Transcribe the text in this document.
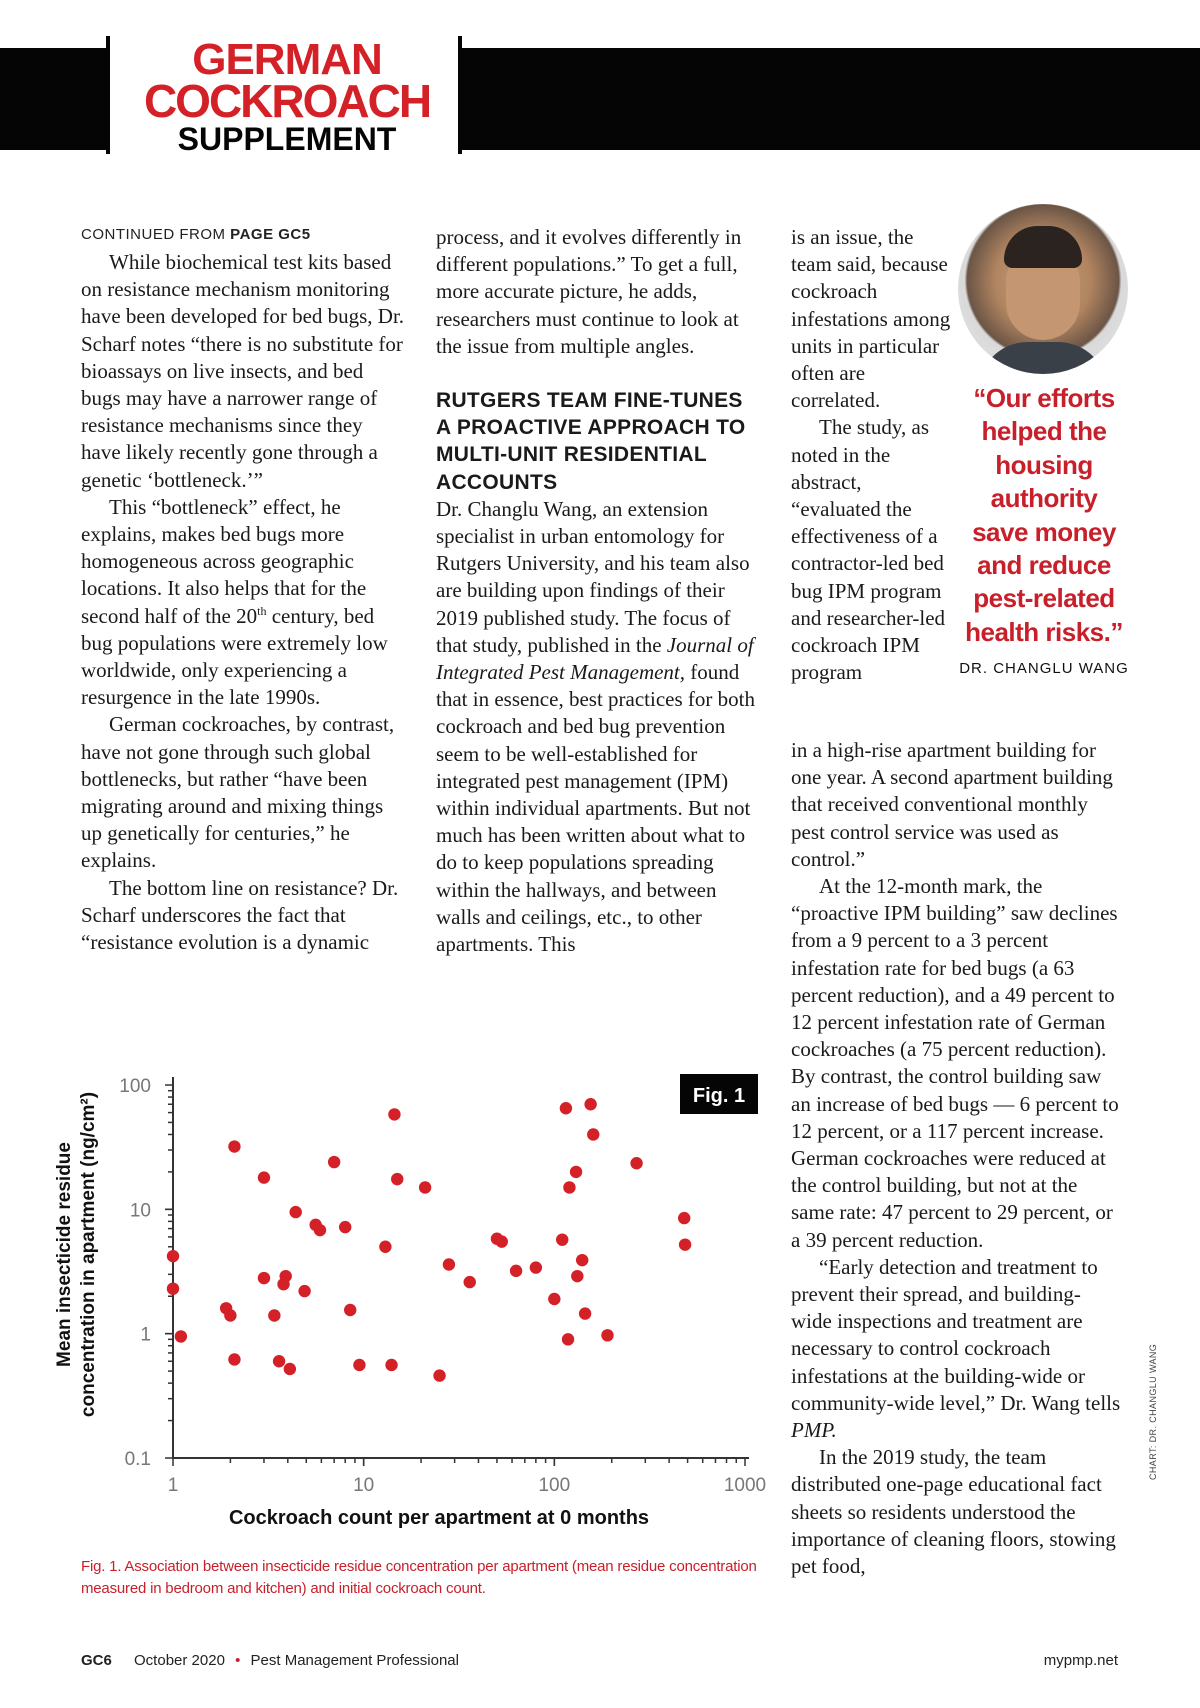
GERMAN
COCKROACH
SUPPLEMENT
CONTINUED FROM PAGE GC5

While biochemical test kits based on resistance mechanism monitoring have been developed for bed bugs, Dr. Scharf notes “there is no substitute for bioassays on live insects, and bed bugs may have a narrower range of resistance mechanisms since they have likely recently gone through a genetic ‘bottleneck.’”

This “bottleneck” effect, he explains, makes bed bugs more homogeneous across geographic locations. It also helps that for the second half of the 20th century, bed bug populations were extremely low worldwide, only experiencing a resurgence in the late 1990s.

German cockroaches, by contrast, have not gone through such global bottlenecks, but rather “have been migrating around and mixing things up genetically for centuries,” he explains.

The bottom line on resistance? Dr. Scharf underscores the fact that “resistance evolution is a dynamic

process, and it evolves differently in different populations.” To get a full, more accurate picture, he adds, researchers must continue to look at the issue from multiple angles.

RUTGERS TEAM FINE-TUNES A PROACTIVE APPROACH TO MULTI-UNIT RESIDENTIAL ACCOUNTS

Dr. Changlu Wang, an extension specialist in urban entomology for Rutgers University, and his team also are building upon findings of their 2019 published study. The focus of that study, published in the Journal of Integrated Pest Management, found that in essence, best practices for both cockroach and bed bug prevention seem to be well-established for integrated pest management (IPM) within individual apartments. But not much has been written about what to do to keep populations spreading within the hallways, and between walls and ceilings, etc., to other apartments. This

is an issue, the team said, because cockroach infestations among units in particular often are correlated.

The study, as noted in the abstract, “evaluated the effectiveness of a contractor-led bed bug IPM program and researcher-led cockroach IPM program

in a high-rise apartment building for one year. A second apartment building that received conventional monthly pest control service was used as control.”

At the 12-month mark, the “proactive IPM building” saw declines from a 9 percent to a 3 percent infestation rate for bed bugs (a 63 percent reduction), and a 49 percent to 12 percent infestation rate of German cockroaches (a 75 percent reduction). By contrast, the control building saw an increase of bed bugs — 6 percent to 12 percent, or a 117 percent increase. German cockroaches were reduced at the control building, but not at the same rate: 47 percent to 29 percent, or a 39 percent reduction.

“Early detection and treatment to prevent their spread, and building-wide inspections and treatment are necessary to control cockroach infestations at the building-wide or community-wide level,” Dr. Wang tells PMP.

In the 2019 study, the team distributed one-page educational fact sheets so residents understood the importance of cleaning floors, stowing pet food,

“Our efforts helped the housing authority save money and reduce pest-related health risks.”
DR. CHANGLU WANG
1	10	100	1000
0.1
1
10
100
Cockroach count per apartment at 0 months
Mean insecticide residue concentration in apartment (ng/cm²)	Fig. 1
Fig. 1. Association between insecticide residue concentration per apartment (mean residue concentration measured in bedroom and kitchen) and initial cockroach count.
CHART: DR. CHANGLU WANG
GC6 October 2020 • Pest Management Professional	mypmp.net
